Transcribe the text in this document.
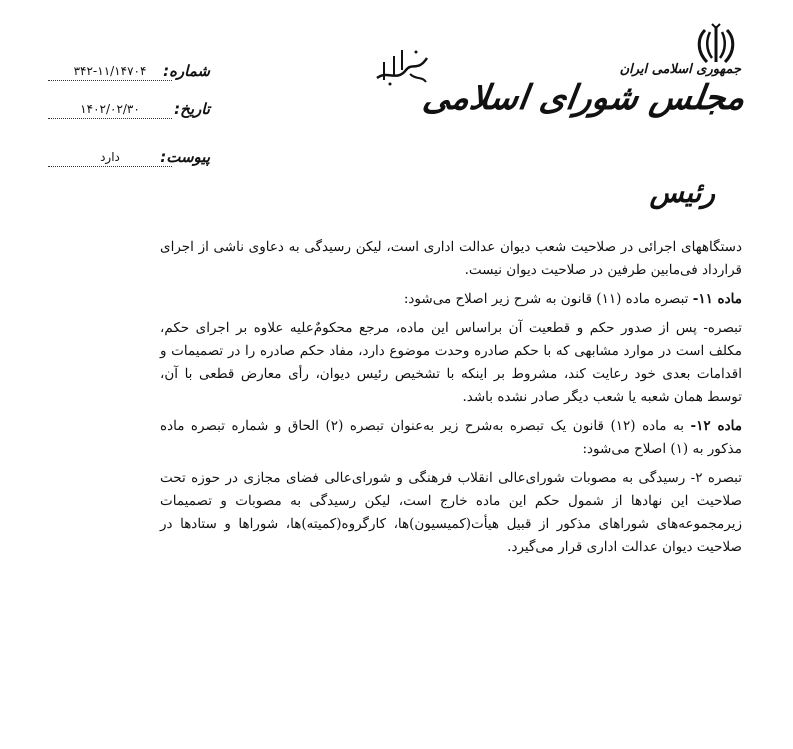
شماره:
۳۴۲-۱۱/۱۴۷۰۴
تاریخ:
۱۴۰۲/۰۲/۳۰
پیوست:
دارد
جمهوری اسلامی ایران
مجلس شورای اسلامی
رئیس

دستگاههای اجرائی در صلاحیت شعب دیوان عدالت اداری است، لیکن رسیدگی به دعاوی ناشی از اجرای قرارداد فی‌مابین طرفین در صلاحیت دیوان نیست.

ماده ۱۱- تبصره ماده (۱۱) قانون به شرح زیر اصلاح می‌شود:

تبصره- پس از صدور حکم و قطعیت آن براساس این ماده، مرجع محکومٌ‌علیه علاوه بر اجرای حکم، مکلف است در موارد مشابهی که با حکم صادره وحدت موضوع دارد، مفاد حکم صادره را در تصمیمات و اقدامات بعدی خود رعایت کند، مشروط بر اینکه با تشخیص رئیس دیوان، رأی معارض قطعی با آن، توسط همان شعبه یا شعب دیگر صادر نشده باشد.

ماده ۱۲- به ماده (۱۲) قانون یک تبصره به‌شرح زیر به‌عنوان تبصره (۲) الحاق و شماره تبصره ماده مذکور به (۱) اصلاح می‌شود:

تبصره ۲- رسیدگی به مصوبات شورای‌عالی انقلاب فرهنگی و شورای‌عالی فضای مجازی در حوزه تحت صلاحیت این نهادها از شمول حکم این ماده خارج است، لیکن رسیدگی به مصوبات و تصمیمات زیرمجموعه‌های شوراهای مذکور از قبیل هیأت(کمیسیون)ها، کارگروه(کمیته)ها، شوراها و ستادها در صلاحیت دیوان عدالت اداری قرار می‌گیرد.
